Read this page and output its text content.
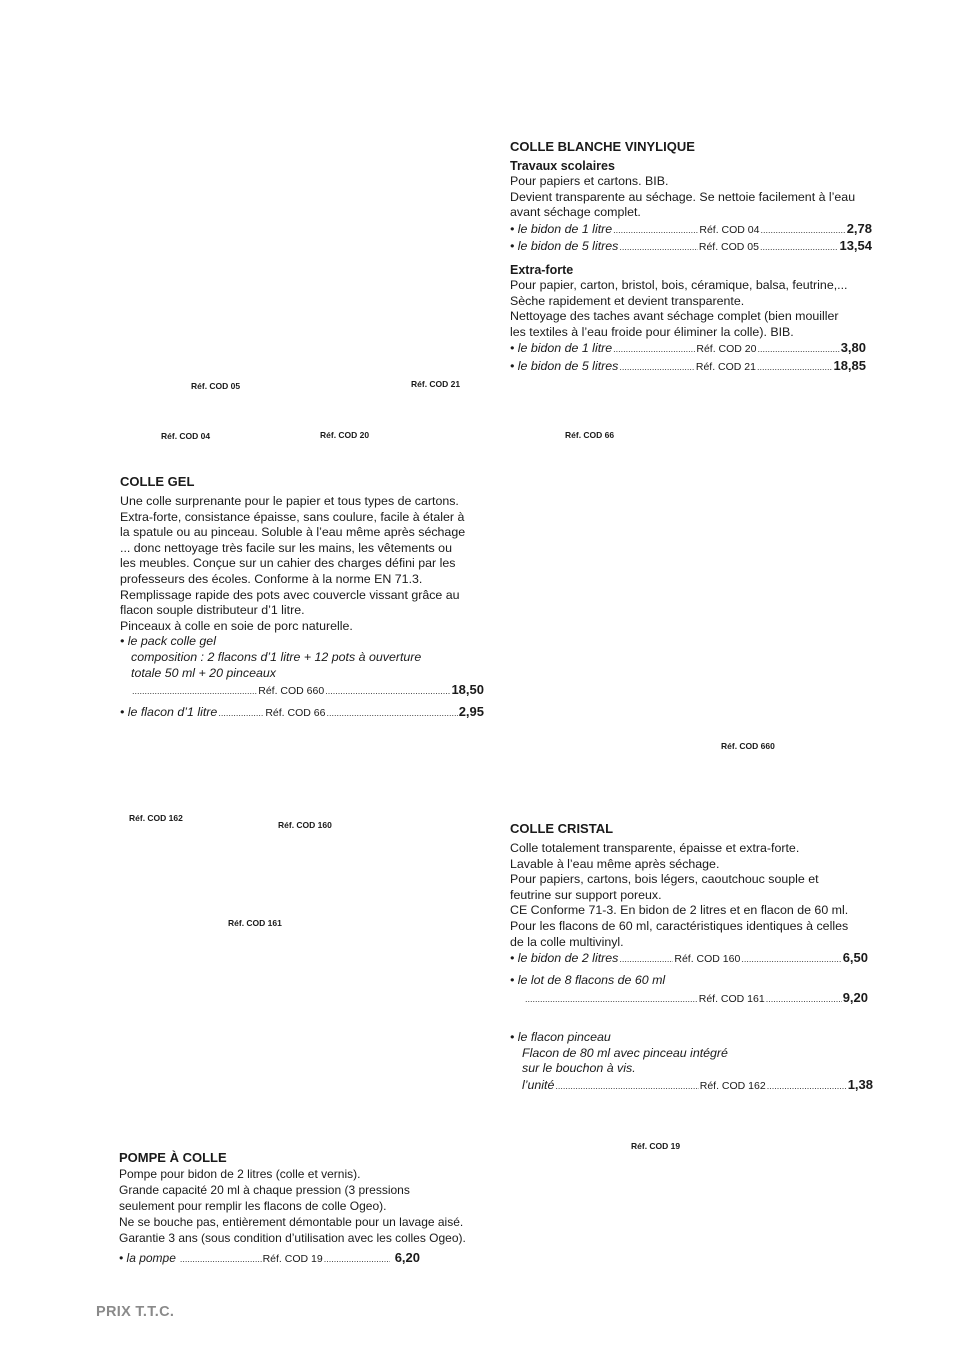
COLLE BLANCHE VINYLIQUE
Travaux scolaires
Pour papiers et cartons. BIB.
Devient transparente au séchage. Se nettoie facilement à l’eau
avant séchage complet.
• le bidon de 1 litre .....	Réf. COD 04 .....	2,78
• le bidon de 5 litres .....	Réf. COD 05 .....	13,54
Extra-forte
Pour papier, carton, bristol, bois, céramique, balsa, feutrine,...
Sèche rapidement et devient transparente.
Nettoyage des taches avant séchage complet (bien mouiller
les textiles à l’eau froide pour éliminer la colle). BIB.
• le bidon de 1 litre .....	Réf. COD 20 .....	3,80
• le bidon de 5 litres .....	Réf. COD 21 .....	18,85
Réf. COD 05	Réf. COD 21
Réf. COD 04	Réf. COD 20	Réf. COD 66
Réf. COD 660
Réf. COD 162
Réf. COD 160
Réf. COD 161
Réf. COD 19
COLLE GEL
Une colle surprenante pour le papier et tous types de cartons.
Extra-forte, consistance épaisse, sans coulure, facile à étaler à
la spatule ou au pinceau. Soluble à l’eau même après séchage
... donc nettoyage très facile sur les mains, les vêtements ou
les meubles. Conçue sur un cahier des charges défini par les
professeurs des écoles. Conforme à la norme EN 71.3.
Remplissage rapide des pots avec couvercle vissant grâce au
flacon souple distributeur d’1 litre.
Pinceaux à colle en soie de porc naturelle.
• le pack colle gel
composition : 2 flacons d’1 litre + 12 pots à ouverture
totale 50 ml + 20 pinceaux
.....
Réf. COD 660 .....	18,50
• le flacon d’1 litre .....	Réf. COD 66 .....	2,95
COLLE CRISTAL
Colle totalement transparente, épaisse et extra-forte.
Lavable à l’eau même après séchage.
Pour papiers, cartons, bois légers, caoutchouc souple et
feutrine sur support poreux.
CE Conforme 71-3. En bidon de 2 litres et en flacon de 60 ml.
Pour les flacons de 60 ml, caractéristiques identiques à celles
de la colle multivinyl.
• le bidon de 2 litres .....	Réf. COD 160 .....	6,50
• le lot de 8 flacons de 60 ml
.....
Réf. COD 161 .....	9,20
• le flacon pinceau
Flacon de 80 ml avec pinceau intégré
sur le bouchon à vis.
l’unité .....	Réf. COD 162 .....	1,38
POMPE À COLLE
Pompe pour bidon de 2 litres (colle et vernis).
Grande capacité 20 ml à chaque pression (3 pressions
seulement pour remplir les flacons de colle Ogeo).
Ne se bouche pas, entièrement démontable pour un lavage aisé.
Garantie 3 ans (sous condition d’utilisation avec les colles Ogeo).
• la pompe .....	Réf. COD 19 .....	6,20
PRIX T.T.C.
